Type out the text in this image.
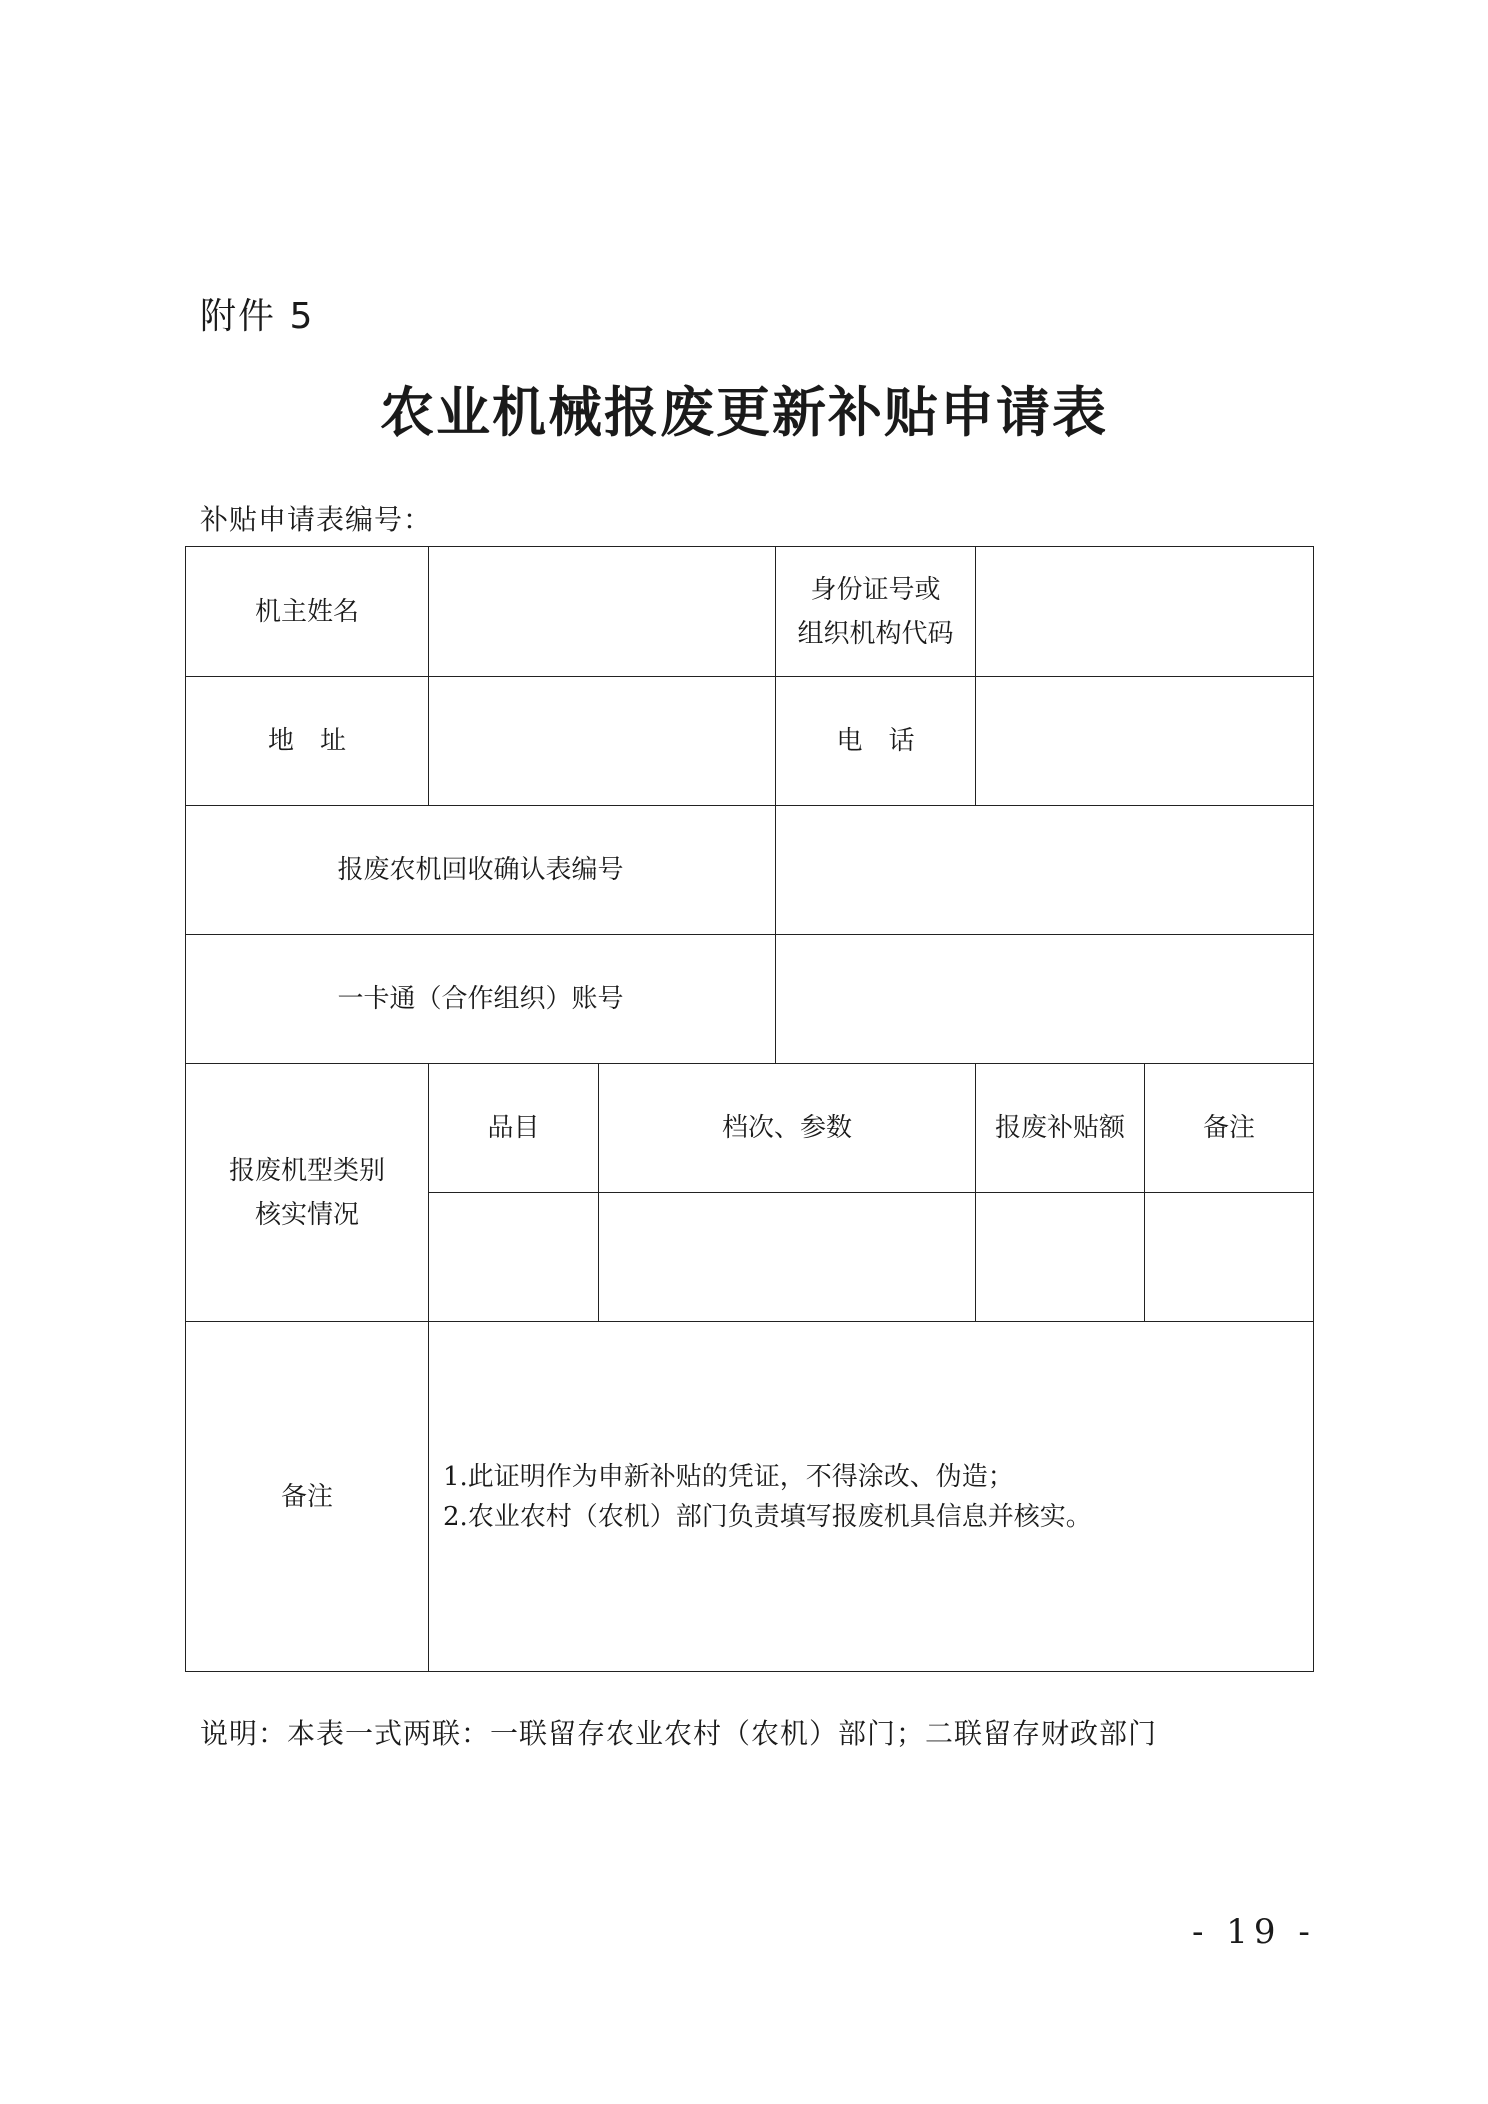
附件 5
农业机械报废更新补贴申请表
补贴申请表编号：
机主姓名			身份证号或
组织机构代码		

地　址			电　话		
报废农机回收确认表编号					
一卡通（合作组织）账号					

报废机型类别
核实情况	品目	档次、参数		报废补贴额	备注

备注	1.此证明作为申新补贴的凭证，不得涂改、伪造；
2.农业农村（农机）部门负责填写报废机具信息并核实。				
说明：本表一式两联：一联留存农业农村（农机）部门；二联留存财政部门
- 19 -
